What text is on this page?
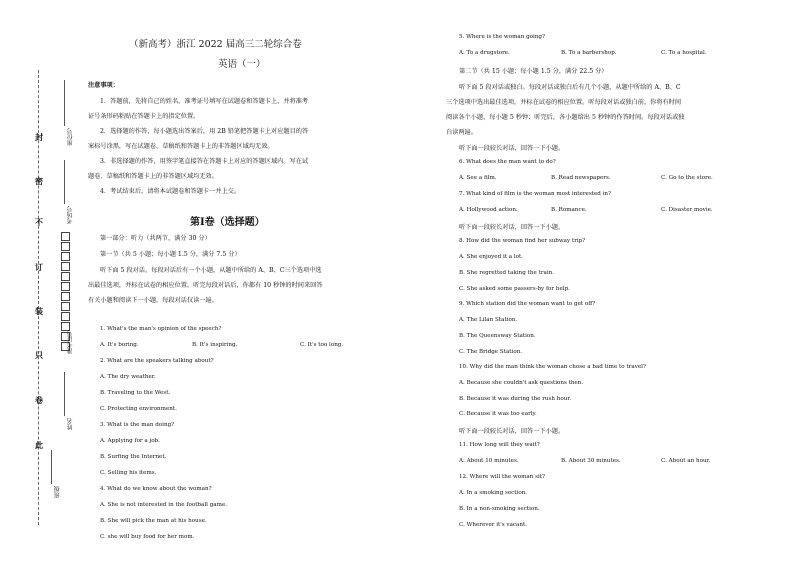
封
密
不
订
装
只
卷
此
座位号
考场号
准考证号
姓名
班级
（新高考）浙江 2022 届高三二轮综合卷
英语（一）
注意事项：
1．答题前，先将自己的姓名、准考证号填写在试题卷和答题卡上，并将准考
证号条形码粘贴在答题卡上的指定位置。
2．选择题的作答，每小题选出答案后，用 2B 铅笔把答题卡上对应题目的答
案标号涂黑，写在试题卷、草稿纸和答题卡上的非答题区域均无效。
3．非选择题的作答，用签字笔直接答在答题卡上对应的答题区域内。写在试
题卷、草稿纸和答题卡上的非答题区域均无效。
4．考试结束后，请将本试题卷和答题卡一并上交。
第Ⅰ卷（选择题）
第一部分：听力（共两节，满分 30 分）
第一节（共 5 小题；每小题 1.5 分，满分 7.5 分）
听下面 5 段对话。每段对话后有一个小题，从题中所给的 A、B、C三个选项中选
出最佳选项，并标在试卷的相应位置。听完每段对话后，你都有 10 秒钟的时间来回答
有关小题和阅读下一小题。每段对话仅读一遍。
1. What's the man's opinion of the speech?
A. It's boring.	B. It's inspiring.	C. It's too long.
2. What are the speakers talking about?
A. The dry weather.
B. Traveling to the West.
C. Protecting environment.
3. What is the man doing?
A. Applying for a job.
B. Surfing the Internet.
C. Selling his items.
4. What do we know about the woman?
A. She is not interested in the football game.
B. She will pick the man at his house.
C. she will buy food for her mom.
5. Where is the woman going?
A. To a drugstore.	B. To a barbershop.	C. To a hospital.
第二节（共 15 小题；每小题 1.5 分，满分 22.5 分）
听下面 5 段对话或独白。每段对话或独白后有几个小题，从题中所给的 A、B、C
三个选项中选出最佳选项，并标在试卷的相应位置。听每段对话或独白前，你将有时间
阅读各个小题，每小题 5 秒钟；听完后，各小题给出 5 秒钟的作答时间。每段对话或独
白读两遍。
听下面一段较长对话，回答一下小题。
6. What does the man want to do?
A. See a film.	B. Read newspapers.	C. Go to the store.
7. What kind of film is the woman most interested in?
A. Hollywood action.	B. Romance.	C. Disaster movie.
听下面一段较长对话，回答一下小题。
8. How did the woman find her subway trip?
A. She enjoyed it a lot.
B. She regretted taking the train.
C. She asked some passers-by for help.
9. Which station did the woman want to get off?
A. The Lilan Station.
B. The Queensway Station.
C. The Bridge Station.
10. Why did the man think the woman chose a bad time to travel?
A. Because she couldn't ask questions then.
B. Because it was during the rush hour.
C. Because it was too early.
听下面一段较长对话，回答一下小题。
11. How long will they wait?
A. About 10 minutes.	B. About 30 minutes.	C. About an hour.
12. Where will the woman sit?
A. In a smoking section.
B. In a non-smoking section.
C. Wherever it's vacant.
